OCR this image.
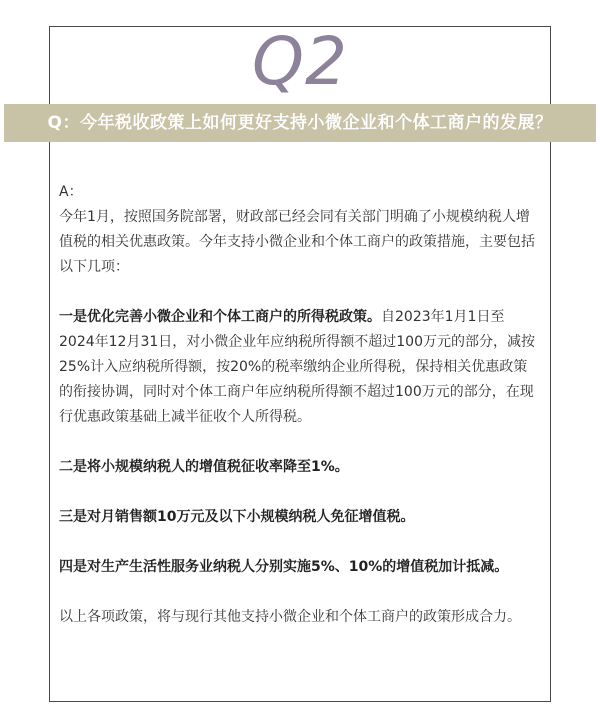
Q2
Q：今年税收政策上如何更好支持小微企业和个体工商户的发展？

A：

今年1月，按照国务院部署，财政部已经会同有关部门明确了小规模纳税人增值税的相关优惠政策。今年支持小微企业和个体工商户的政策措施，主要包括以下几项：

一是优化完善小微企业和个体工商户的所得税政策。自2023年1月1日至2024年12月31日，对小微企业年应纳税所得额不超过100万元的部分，减按25%计入应纳税所得额，按20%的税率缴纳企业所得税，保持相关优惠政策的衔接协调，同时对个体工商户年应纳税所得额不超过100万元的部分，在现行优惠政策基础上减半征收个人所得税。

二是将小规模纳税人的增值税征收率降至1%。

三是对月销售额10万元及以下小规模纳税人免征增值税。

四是对生产生活性服务业纳税人分别实施5%、10%的增值税加计抵减。

以上各项政策，将与现行其他支持小微企业和个体工商户的政策形成合力。
